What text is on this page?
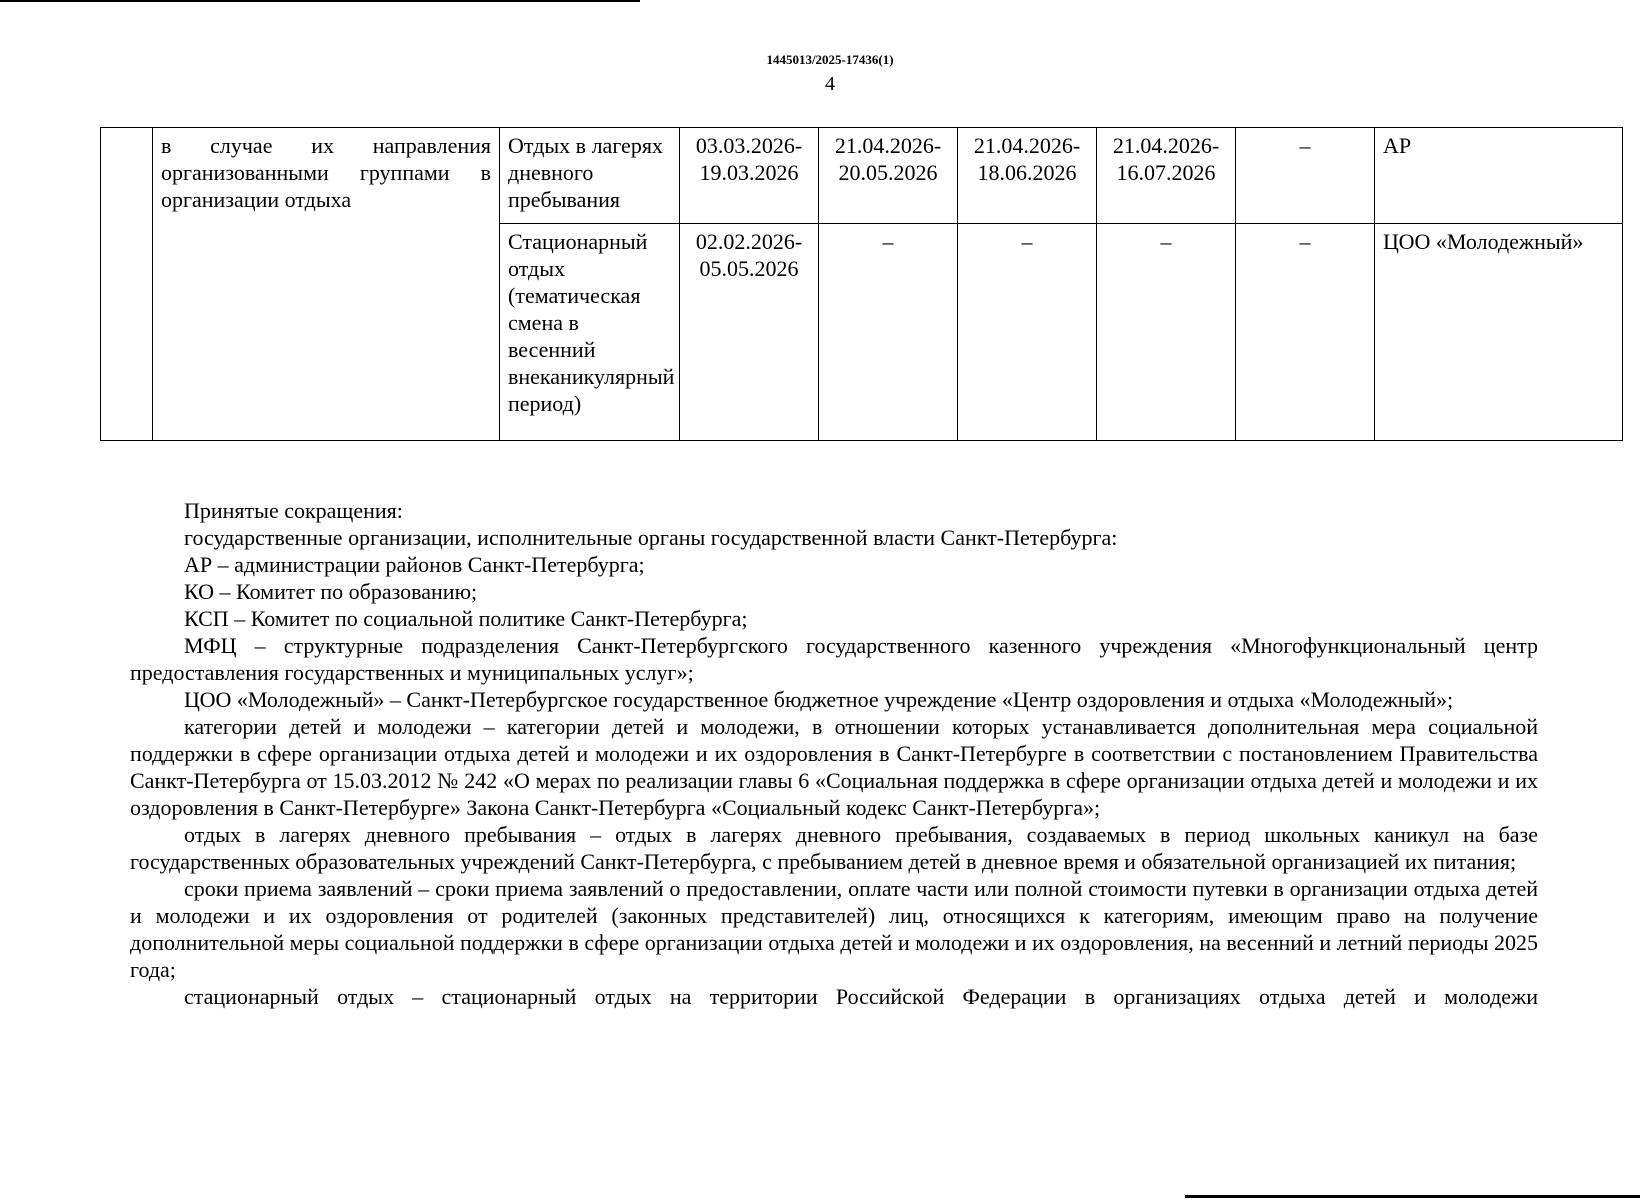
1445013/2025-17436(1)
4
	в случае их направления организованными группами в организации отдыха	Отдых в лагерях дневного пребывания	03.03.2026-19.03.2026	21.04.2026-20.05.2026	21.04.2026-18.06.2026	21.04.2026-16.07.2026	–	АР
		Стационарный отдых (тематическая смена в весенний внеканикулярный период)	02.02.2026-05.05.2026	–	–	–	–	ЦОО «Молодежный»

Принятые сокращения:

государственные организации, исполнительные органы государственной власти Санкт-Петербурга:

АР – администрации районов Санкт-Петербурга;

КО – Комитет по образованию;

КСП – Комитет по социальной политике Санкт-Петербурга;

МФЦ – структурные подразделения Санкт-Петербургского государственного казенного учреждения «Многофункциональный центр предоставления государственных и муниципальных услуг»;

ЦОО «Молодежный» – Санкт-Петербургское государственное бюджетное учреждение «Центр оздоровления и отдыха «Молодежный»;

категории детей и молодежи – категории детей и молодежи, в отношении которых устанавливается дополнительная мера социальной поддержки в сфере организации отдыха детей и молодежи и их оздоровления в Санкт-Петербурге в соответствии с постановлением Правительства Санкт-Петербурга от 15.03.2012 № 242 «О мерах по реализации главы 6 «Социальная поддержка в сфере организации отдыха детей и молодежи и их оздоровления в Санкт-Петербурге» Закона Санкт-Петербурга «Социальный кодекс Санкт-Петербурга»;

отдых в лагерях дневного пребывания – отдых в лагерях дневного пребывания, создаваемых в период школьных каникул на базе государственных образовательных учреждений Санкт-Петербурга, с пребыванием детей в дневное время и обязательной организацией их питания;

сроки приема заявлений – сроки приема заявлений о предоставлении, оплате части или полной стоимости путевки в организации отдыха детей и молодежи и их оздоровления от родителей (законных представителей) лиц, относящихся к категориям, имеющим право на получение дополнительной меры социальной поддержки в сфере организации отдыха детей и молодежи и их оздоровления, на весенний и летний периоды 2025 года;

стационарный отдых – стационарный отдых на территории Российской Федерации в организациях отдыха детей и молодежи
